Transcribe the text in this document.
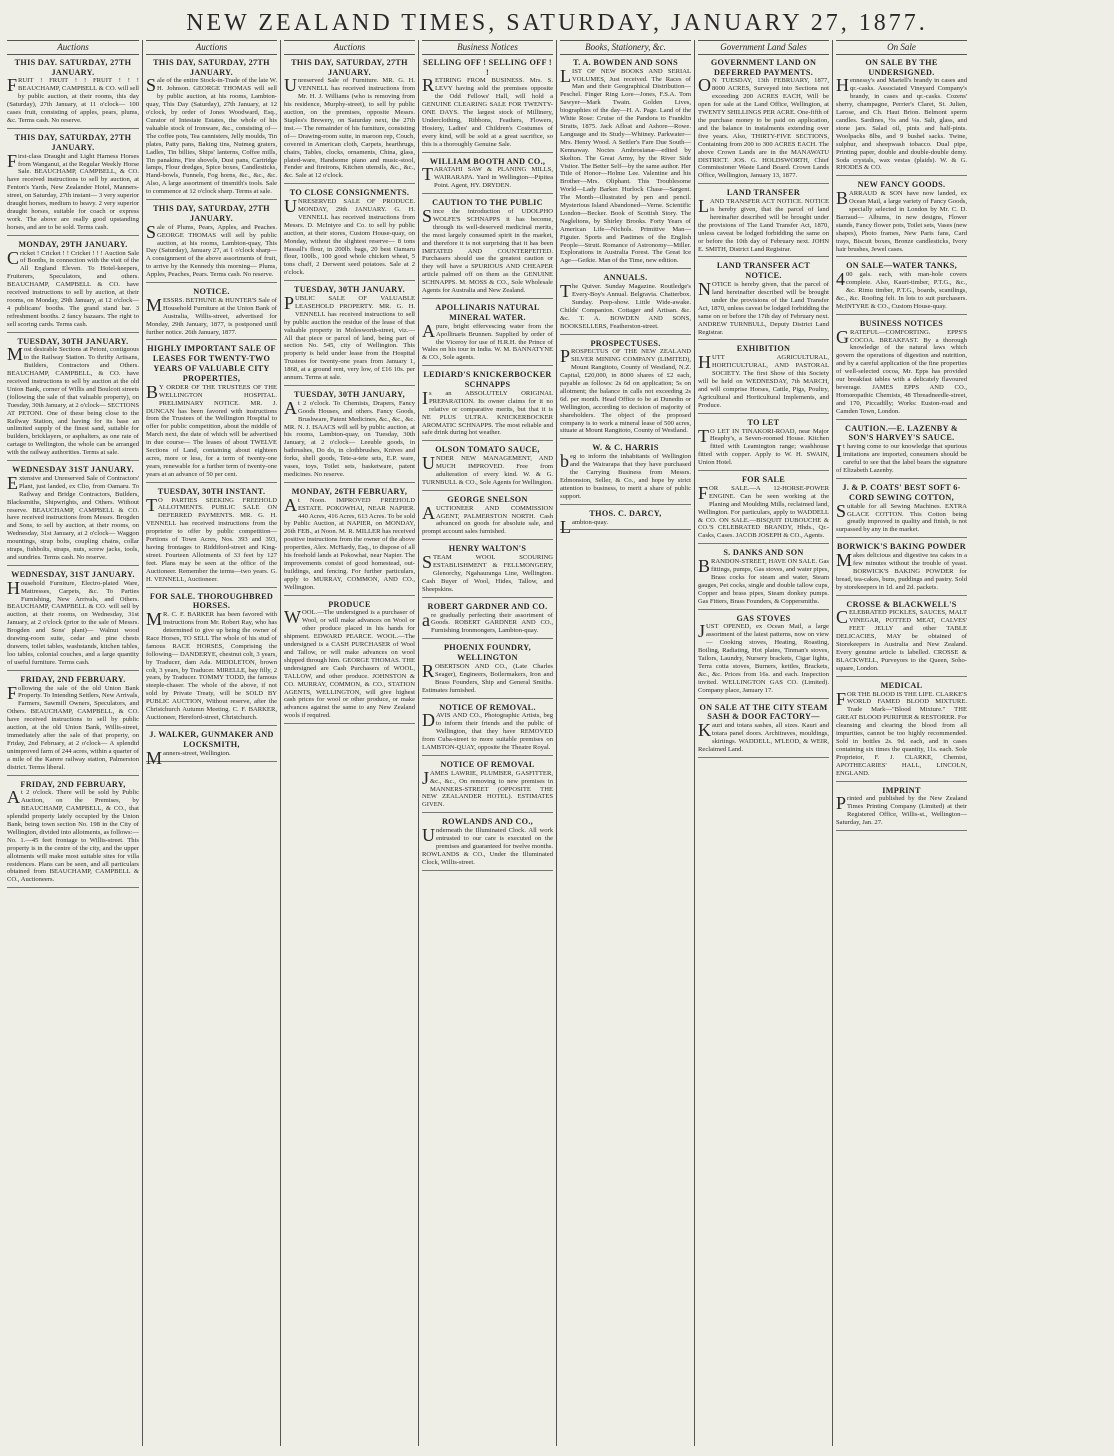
NEW ZEALAND TIMES, SATURDAY, JANUARY 27, 1877.
Auctions
THIS DAY. SATURDAY, 27TH JANUARY.
FRUIT ! FRUIT ! ! FRUIT ! ! ! BEAUCHAMP, CAMPBELL & CO. will sell by public auction, at their rooms, this day (Saturday), 27th January, at 11 o'clock— 100 cases fruit, consisting of apples, pears, plums, &c. Terms cash. No reserve.
THIS DAY, SATURDAY, 27TH JANUARY.
First-class Draught and Light Harness Horses from Wanganui, at the Regular Weekly Horse Sale. BEAUCHAMP, CAMPBELL, & CO. have received instructions to sell by auction, at Fenton's Yards, New Zealander Hotel, Manners-street, on Saturday, 27th instant— 3 very superior draught horses, medium to heavy. 2 very superior draught horses, suitable for coach or express work. The above are really good upstanding horses, and are to be sold. Terms cash.
MONDAY, 29TH JANUARY.
Cricket ! Cricket ! ! Cricket ! ! ! Auction Sale of Booths, in connection with the visit of the All England Eleven. To Hotel-keepers, Fruiterers, Speculators, and others. BEAUCHAMP, CAMPBELL & CO. have received instructions to sell by auction, at their rooms, on Monday, 29th January, at 12 o'clock— 4 publicans' booths. The grand stand bar. 3 refreshment booths. 2 fancy bazaars. The right to sell scoring cards. Terms cash.
TUESDAY, 30TH JANUARY.
Most desirable Sections at Petoni, contiguous to the Railway Station. To thrifty Artisans, Builders, Contractors and Others. BEAUCHAMP, CAMPBELL, & CO. have received instructions to sell by auction at the old Union Bank, corner of Willis and Boulcott streets (following the sale of that valuable property), on Tuesday, 30th January, at 2 o'clock— SECTIONS AT PETONI. One of these being close to the Railway Station, and having for its base an unlimited supply of the finest sand, suitable for builders, bricklayers, or asphalters, as one rate of cartage to Wellington, the whole can be arranged with the railway authorities. Terms at sale.
WEDNESDAY 31ST JANUARY.
Extensive and Unreserved Sale of Contractors' Plant, just landed, ex Clio, from Oamaru. To Railway and Bridge Contractors, Builders, Blacksmiths, Shipwrights, and Others. Without reserve. BEAUCHAMP, CAMPBELL & CO. have received instructions from Messrs. Brogden and Sons, to sell by auction, at their rooms, on Wednesday, 31st January, at 2 o'clock— Waggon mountings, strap bolts, coupling chains, collar straps, fishbolts, straps, nuts, screw jacks, tools, and sundries. Terms cash. No reserve.
WEDNESDAY, 31ST JANUARY.
Household Furniture, Electro-plated Ware, Mattresses, Carpets, &c. To Parties Furnishing, New Arrivals, and Others. BEAUCHAMP, CAMPBELL & CO. will sell by auction, at their rooms, on Wednesday, 31st January, at 2 o'clock (prior to the sale of Messrs. Brogden and Sons' plant)— Walnut wood drawing-room suite, cedar and pine chests drawers, toilet tables, washstands, kitchen tables, loo tables, colonial couches, and a large quantity of useful furniture. Terms cash.
FRIDAY, 2ND FEBRUARY.
Following the sale of the old Union Bank Property. To Intending Settlers, New Arrivals, Farmers, Sawmill Owners, Speculators, and Others. BEAUCHAMP, CAMPBELL, & CO. have received instructions to sell by public auction, at the old Union Bank, Willis-street, immediately after the sale of that property, on Friday, 2nd February, at 2 o'clock— A splendid unimproved farm of 244 acres, within a quarter of a mile of the Karere railway station, Palmerston district. Terms liberal.
FRIDAY, 2ND FEBRUARY,
At 2 o'clock. There will be sold by Public Auction, on the Premises, by BEAUCHAMP, CAMPBELL, & CO., that splendid property lately occupied by the Union Bank, being town section No. 198 in the City of Wellington, divided into allotments, as follows:— No. 1.—45 feet frontage to Willis-street. This property is in the centre of the city, and the upper allotments will make most suitable sites for villa residences. Plans can be seen, and all particulars obtained from BEAUCHAMP, CAMPBELL & CO., Auctioneers.
Auctions
THIS DAY, SATURDAY, 27TH JANUARY.
Sale of the entire Stock-in-Trade of the late W. H. Johnson. GEORGE THOMAS will sell by public auction, at his rooms, Lambton-quay, This Day (Saturday), 27th January, at 12 o'clock, by order of Jones Woodward, Esq., Curator of Intestate Estates, the whole of his valuable stock of Ironware, &c., consisting of— The coffee pots, Tea cannisters, Jelly moulds, Tin plates, Patty pans, Baking tins, Nutmeg graters, Ladles, Tin billies, Ships' lanterns, Coffee mills, Tin panakins, Fire shovels, Dust pans, Cartridge lamps, Flour dredges, Spice boxes, Candlesticks, Hand-bowls, Funnels, Fog horns, &c., &c., &c. Also, A large assortment of tinsmith's tools. Sale to commence at 12 o'clock sharp. Terms at sale.
THIS DAY, SATURDAY, 27TH JANUARY.
Sale of Plums, Pears, Apples, and Peaches. GEORGE THOMAS will sell by public auction, at his rooms, Lambton-quay, This Day (Saturday), January 27, at 1 o'clock sharp— A consignment of the above assortments of fruit, to arrive by the Kennedy this morning— Plums, Apples, Peaches, Pears. Terms cash. No reserve.
NOTICE.
MESSRS. BETHUNE & HUNTER'S Sale of Household Furniture at the Union Bank of Australia, Willis-street, advertised for Monday, 29th January, 1877, is postponed until further notice. 26th January, 1877.
HIGHLY IMPORTANT SALE OF LEASES FOR TWENTY-TWO YEARS OF VALUABLE CITY PROPERTIES,
BY ORDER OF THE TRUSTEES OF THE WELLINGTON HOSPITAL. PRELIMINARY NOTICE. MR. J. DUNCAN has been favored with instructions from the Trustees of the Wellington Hospital to offer for public competition, about the middle of March next, the date of which will be advertised in due course— The leases of about TWELVE Sections of Land, containing about eighteen acres, more or less, for a term of twenty-one years, renewable for a further term of twenty-one years at an advance of 50 per cent.
TUESDAY, 30TH INSTANT.
TO PARTIES SEEKING FREEHOLD ALLOTMENTS. PUBLIC SALE ON DEFERRED PAYMENTS. MR. G. H. VENNELL has received instructions from the proprietor to offer by public competition— Portions of Town Acres, Nos. 393 and 393, having frontages to Riddiford-street and King-street. Fourteen Allotments of 33 feet by 127 feet. Plans may be seen at the office of the Auctioneer. Remember the terms—two years. G. H. VENNELL, Auctioneer.
FOR SALE. THOROUGHBRED HORSES.
MR. C. F. BARKER has been favored with instructions from Mr. Robert Ray, who has determined to give up being the owner of Race Horses, TO SELL The whole of his stud of famous RACE HORSES, Comprising the following— DANDERYE, chestnut colt, 3 years, by Traducer, dam Ada. MIDDLETON, brown colt, 3 years, by Traducer. MIRELLE, bay filly, 2 years, by Traducer. TOMMY TODD, the famous steeple-chaser. The whole of the above, if not sold by Private Treaty, will be SOLD BY PUBLIC AUCTION, Without reserve, after the Christchurch Autumn Meeting. C. F. BARKER, Auctioneer, Hereford-street, Christchurch.
J. WALKER, GUNMAKER AND LOCKSMITH,
Manners-street, Wellington.
Auctions
THIS DAY, SATURDAY, 27TH JANUARY.
Unreserved Sale of Furniture. MR. G. H. VENNELL has received instructions from Mr. H. J. Williams (who is removing from his residence, Murphy-street), to sell by public auction, on the premises, opposite Messrs. Staples's Brewery, on Saturday next, the 27th inst.— The remainder of his furniture, consisting of— Drawing-room suite, in maroon rep, Couch, covered in American cloth, Carpets, hearthrugs, chairs, Tables, clocks, ornaments, China, glass, plated-ware, Handsome piano and music-stool, Fender and fireirons, Kitchen utensils, &c., &c., &c. Sale at 12 o'clock.
TO CLOSE CONSIGNMENTS.
UNRESERVED SALE OF PRODUCE. MONDAY, 29th JANUARY. G. H. VENNELL has received instructions from Messrs. D. McIntyre and Co. to sell by public auction, at their stores, Custom House-quay, on Monday, without the slightest reserve— 8 tons Hassall's flour, in 200lb. bags, 20 best Oamaru flour, 100lb., 100 good whole chicken wheat, 5 tons chaff, 2 Derwent seed potatoes. Sale at 2 o'clock.
TUESDAY, 30TH JANUARY.
PUBLIC SALE OF VALUABLE LEASEHOLD PROPERTY. MR. G. H. VENNELL has received instructions to sell by public auction the residue of the lease of that valuable property in Molesworth-street, viz.— All that piece or parcel of land, being part of section No. 545, city of Wellington. This property is held under lease from the Hospital Trustees for twenty-one years from January 1, 1868, at a ground rent, very low, of £16 10s. per annum. Terms at sale.
TUESDAY, 30TH JANUARY,
At 2 o'clock. To Chemists, Drapers, Fancy Goods Houses, and others. Fancy Goods, Brushware, Patent Medicines, &c., &c., &c. MR. N. J. ISAACS will sell by public auction, at his rooms, Lambton-quay, on Tuesday, 30th January, at 2 o'clock— Leeuble goods, in bathrushes, Do do, in clothbrushes, Knives and forks, shell goods, Tete-a-tete sets, E.P. ware, vases, toys, Toilet sets, basketware, patent medicines. No reserve.
MONDAY, 26TH FEBRUARY,
At Noon. IMPROVED FREEHOLD ESTATE. POKOWHAI, NEAR NAPIER. 440 Acres, 416 Acres, 613 Acres. To be sold by Public Auction, at NAPIER, on MONDAY, 26th FEB., at Noon. M. R. MILLER has received positive instructions from the owner of the above properties, Alex. McHardy, Esq., to dispose of all his freehold lands at Pokowhai, near Napier. The improvements consist of good homestead, out-buildings, and fencing. For further particulars, apply to MURRAY, COMMON, AND CO., Wellington.
PRODUCE
WOOL.—The undersigned is a purchaser of Wool, or will make advances on Wool or other produce placed in his hands for shipment. EDWARD PEARCE. WOOL.—The undersigned is a CASH PURCHASER of Wool and Tallow, or will make advances on wool shipped through him. GEORGE THOMAS. THE undersigned are Cash Purchasers of WOOL, TALLOW, and other produce. JOHNSTON & CO. MURRAY, COMMON, & CO., STATION AGENTS, WELLINGTON, will give highest cash prices for wool or other produce, or make advances against the same to any New Zealand wools if required.
Business Notices
SELLING OFF ! SELLING OFF ! !
RETIRING FROM BUSINESS. Mrs. S. LEVY having sold the premises opposite the Odd Fellows' Hall, will hold a GENUINE CLEARING SALE FOR TWENTY-ONE DAYS. The largest stock of Millinery, Underclothing, Ribbons, Feathers, Flowers, Hosiery, Ladies' and Children's Costumes of every kind, will be sold at a great sacrifice, so this is a thoroughly Genuine Sale.
WILLIAM BOOTH AND CO.,
TARATAHI SAW & PLANING MILLS, WAIRARAPA. Yard in Wellington—Pipitea Point. Agent, HY. DRYDEN.
CAUTION TO THE PUBLIC
Since the introduction of UDOLPHO WOLFE'S SCHNAPPS it has become, through its well-deserved medicinal merits, the most largely consumed spirit in the market, and therefore it is not surprising that it has been IMITATED AND COUNTERFEITED. Purchasers should use the greatest caution or they will have a SPURIOUS AND CHEAPER article palmed off on them as the GENUINE SCHNAPPS. M. MOSS & CO., Sole Wholesale Agents for Australia and New Zealand.
APOLLINARIS NATURAL MINERAL WATER.
Apure, bright effervescing water from the Apollinaris Brunnen. Supplied by order of the Viceroy for use of H.R.H. the Prince of Wales on his tour in India. W. M. BANNATYNE & CO., Sole agents.
LEDIARD'S KNICKERBOCKER SCHNAPPS
Is an ABSOLUTELY ORIGINAL PREPARATION. Its owner claims for it no relative or comparative merits, but that it is NE PLUS ULTRA. KNICKERBOCKER AROMATIC SCHNAPPS. The most reliable and safe drink during hot weather.
OLSON TOMATO SAUCE,
UNDER NEW MANAGEMENT, AND MUCH IMPROVED. Free from adulteration of every kind. W. & G. TURNBULL & CO., Sole Agents for Wellington.
GEORGE SNELSON
AUCTIONEER AND COMMISSION AGENT, PALMERSTON NORTH. Cash advanced on goods for absolute sale, and prompt account sales furnished.
HENRY WALTON'S
STEAM WOOL SCOURING ESTABLISHMENT & FELLMONGERY, Glenorchy, Ngahauranga Line, Wellington. Cash Buyer of Wool, Hides, Tallow, and Sheepskins.
ROBERT GARDNER AND CO.
are gradually perfecting their assortment of Goods. ROBERT GARDNER AND CO., Furnishing Ironmongers, Lambton-quay.
PHOENIX FOUNDRY, WELLINGTON
ROBERTSON AND CO., (Late Charles Seager), Engineers, Boilermakers, Iron and Brass Founders, Ship and General Smiths. Estimates furnished.
NOTICE OF REMOVAL.
DAVIS AND CO., Photographic Artists, beg to inform their friends and the public of Wellington, that they have REMOVED from Cuba-street to more suitable premises on LAMBTON-QUAY, opposite the Theatre Royal.
NOTICE OF REMOVAL
JAMES LAWRIE, PLUMBER, GASFITTER, &c., &c., On removing to new premises in MANNERS-STREET (OPPOSITE THE NEW ZEALANDER HOTEL). ESTIMATES GIVEN.
ROWLANDS AND CO.,
Underneath the Illuminated Clock. All work entrusted to our care is executed on the premises and guaranteed for twelve months. ROWLANDS & CO., Under the Illuminated Clock, Willis-street.
Books, Stationery, &c.
T. A. BOWDEN AND SONS
LIST OF NEW BOOKS AND SERIAL VOLUMES, Just received. The Races of Man and their Geographical Distribution—Peschel. Finger Ring Lore—Jones, F.S.A. Tom Sawyer—Mark Twain. Golden Lives, biographies of the day—H. A. Page. Land of the White Rose: Cruise of the Pandora to Franklin Straits, 1875. Jack Afloat and Ashore—Rowe. Language and its Study—Whitney. Parkwater—Mrs. Henry Wood. A Settler's Fare Due South—Kennaway. Noctes Ambrosianæ—edited by Skelton. The Great Army, by the River Side Visitor. The Better Self—by the same author. Her Title of Honor—Holme Lee. Valentine and his Brother—Mrs. Oliphant. This Troublesome World—Lady Barker. Hurlock Chase—Sargent. The Month—illustrated by pen and pencil. Mysterious Island Abandoned—Verne. Scientific London—Becker. Book of Scottish Story. The Nagleltons, by Shirley Brooks. Forty Years of American Life—Nichols. Primitive Man—Figuier. Sports and Pastimes of the English People—Strutt. Romance of Astronomy—Miller. Explorations in Australia Forest. The Great Ice Age—Geikie. Man of the Time, new edition.
ANNUALS.
The Quiver. Sunday Magazine. Routledge's Every-Boy's Annual. Belgravia. Chatterbox. Sunday. Peep-show. Little Wide-awake. Childs' Companion. Cottager and Artisan. &c. &c. T. A. BOWDEN AND SONS, BOOKSELLERS, Featherston-street.
PROSPECTUSES.
PROSPECTUS OF THE NEW ZEALAND SILVER MINING COMPANY (LIMITED), Mount Rangitoto, County of Westland, N.Z. Capital, £20,000, in 8000 shares of £2 each, payable as follows: 2s 6d on application; 5s on allotment; the balance in calls not exceeding 2s 6d. per month. Head Office to be at Dunedin or Wellington, according to decision of majority of shareholders. The object of the proposed company is to work a mineral lease of 500 acres, situate at Mount Rangitoto, County of Westland.
W. & C. HARRIS
beg to inform the inhabitants of Wellington and the Wairarapa that they have purchased the Carrying Business from Messrs. Edmonston, Seller, & Co., and hope by strict attention to business, to merit a share of public support.
THOS. C. DARCY,
Lambton-quay.
Government Land Sales
GOVERNMENT LAND ON DEFERRED PAYMENTS.
ON TUESDAY, 13th FEBRUARY, 1877, 8000 ACRES, Surveyed into Sections not exceeding 200 ACRES EACH, Will be open for sale at the Land Office, Wellington, at TWENTY SHILLINGS PER ACRE. One-fifth of the purchase money to be paid on application, and the balance in instalments extending over five years. Also, THIRTY-FIVE SECTIONS, Containing from 200 to 300 ACRES EACH. The above Crown Lands are in the MANAWATU DISTRICT. JOS. G. HOLDSWORTH, Chief Commissioner Waste Land Board. Crown Lands Office, Wellington, January 13, 1877.
LAND TRANSFER
LAND TRANSFER ACT NOTICE. NOTICE is hereby given, that the parcel of land hereinafter described will be brought under the provisions of The Land Transfer Act, 1870, unless caveat be lodged forbidding the same on or before the 10th day of February next. JOHN E. SMITH, District Land Registrar.
LAND TRANSFER ACT NOTICE.
NOTICE is hereby given, that the parcel of land hereinafter described will be brought under the provisions of the Land Transfer Act, 1870, unless caveat be lodged forbidding the same on or before the 17th day of February next. ANDREW TURNBULL, Deputy District Land Registrar.
EXHIBITION
HUTT AGRICULTURAL, HORTICULTURAL, AND PASTORAL SOCIETY. The first Show of this Society will be held on WEDNESDAY, 7th MARCH, and will comprise Horses, Cattle, Pigs, Poultry, Agricultural and Horticultural Implements, and Produce.
TO LET
TO LET IN TINAKORI-ROAD, near Major Heaphy's, a Seven-roomed House. Kitchen fitted with Leamington range; washhouse fitted with copper. Apply to W. H. SWAIN, Union Hotel.
FOR SALE
FOR SALE.—A 12-HORSE-POWER ENGINE. Can be seen working at the Planing and Moulding Mills, reclaimed land, Wellington. For particulars, apply to WADDELL & CO. ON SALE.—BISQUIT DUBOUCHE & CO.'S CELEBRATED BRANDY, Hhds., Qr.-Casks, Cases. JACOB JOSEPH & CO., Agents.
S. DANKS AND SON
BRANDON-STREET, HAVE ON SALE. Gas fittings, pumps, Gas stoves, and water pipes, Brass cocks for steam and water, Steam gauges, Pet cocks, single and double tallow cups, Copper and brass pipes, Steam donkey pumps. Gas Fitters, Brass Founders, & Coppersmiths.
GAS STOVES
JUST OPENED, ex Ocean Mail, a large assortment of the latest patterns, now on view— Cooking stoves, Heating, Roasting, Boiling, Radiating, Hot plates, Tinman's stoves, Tailors, Laundry, Nursery brackets, Cigar lights, Terra cotta stoves, Burners, kettles, Brackets, &c., &c. Prices from 16s. and each. Inspection invited. WELLINGTON GAS CO. (Limited). Company place, January 17.
ON SALE AT THE CITY STEAM SASH & DOOR FACTORY—
Kauri and totara sashes, all sizes. Kauri and totara panel doors. Architraves, mouldings, skirtings. WADDELL, M'LEOD, & WEIR, Reclaimed Land.
On Sale
ON SALE BY THE UNDERSIGNED.
Hennessy's and Martell's brandy in cases and qr.-casks. Associated Vineyard Company's brandy, in cases and qr.-casks. Cozens' sherry, champagne, Perrier's Claret, St. Julien, Larose, and Ch. Haut Brion. Belmont sperm candles. Sardines, ½s and ¼s. Salt, glass, and stone jars. Salad oil, pints and half-pints. Woolpacks 8lbs, and 9 bushel sacks. Twine, sulphur, and sheepwash tobacco. Dual pipe, Printing paper, double and double-double demy. Soda crystals, wax vestas (plaids). W. & G. RHODES & CO.
NEW FANCY GOODS.
BARRAUD & SON have now landed, ex Ocean Mail, a large variety of Fancy Goods, specially selected in London by Mr. C. D. Barraud— Albums, in new designs, Flower stands, Fancy flower pots, Toilet sets, Vases (new shapes), Photo frames, New Paris fans, Card trays, Biscuit boxes, Bronze candlesticks, Ivory hair brushes, Jewel cases.
ON SALE—WATER TANKS,
400 gals. each, with man-hole covers complete. Also, Kauri-timber, P.T.G., &c., &c. Rimu timber, P.T.G., boards, scantlings, &c., &c. Roofing felt. In lots to suit purchasers. McINTYRE & CO., Custom House-quay.
BUSINESS NOTICES
GRATEFUL—COMFORTING. EPPS'S COCOA. BREAKFAST. By a thorough knowledge of the natural laws which govern the operations of digestion and nutrition, and by a careful application of the fine properties of well-selected cocoa, Mr. Epps has provided our breakfast tables with a delicately flavoured beverage. JAMES EPPS AND CO., Homœopathic Chemists, 48 Threadneedle-street, and 170, Piccadilly; Works: Euston-road and Camden Town, London.
CAUTION.—E. LAZENBY & SON'S HARVEY'S SAUCE.
It having come to our knowledge that spurious imitations are imported, consumers should be careful to see that the label bears the signature of Elizabeth Lazenby.
J. & P. COATS' BEST SOFT 6-CORD SEWING COTTON,
Suitable for all Sewing Machines. EXTRA GLACE COTTON. This Cotton being greatly improved in quality and finish, is not surpassed by any in the market.
BORWICK'S BAKING POWDER
Makes delicious and digestive tea cakes in a few minutes without the trouble of yeast. BORWICK'S BAKING POWDER for bread, tea-cakes, buns, puddings and pastry. Sold by storekeepers in 1d. and 2d. packets.
CROSSE & BLACKWELL'S
CELEBRATED PICKLES, SAUCES, MALT VINEGAR, POTTED MEAT, CALVES' FEET JELLY and other TABLE DELICACIES, MAY be obtained of Storekeepers in Australia and New Zealand. Every genuine article is labelled. CROSSE & BLACKWELL, Purveyors to the Queen, Soho-square, London.
MEDICAL
FOR THE BLOOD IS THE LIFE. CLARKE'S WORLD FAMED BLOOD MIXTURE. Trade Mark—"Blood Mixture." THE GREAT BLOOD PURIFIER & RESTORER. For cleansing and clearing the blood from all impurities, cannot be too highly recommended. Sold in bottles 2s. 9d. each, and in cases containing six times the quantity, 11s. each. Sole Proprietor, F. J. CLARKE, Chemist, APOTHECARIES' HALL, LINCOLN, ENGLAND.
IMPRINT
Printed and published by the New Zealand Times Printing Company (Limited) at their Registered Office, Willis-st., Wellington—Saturday, Jan. 27.
